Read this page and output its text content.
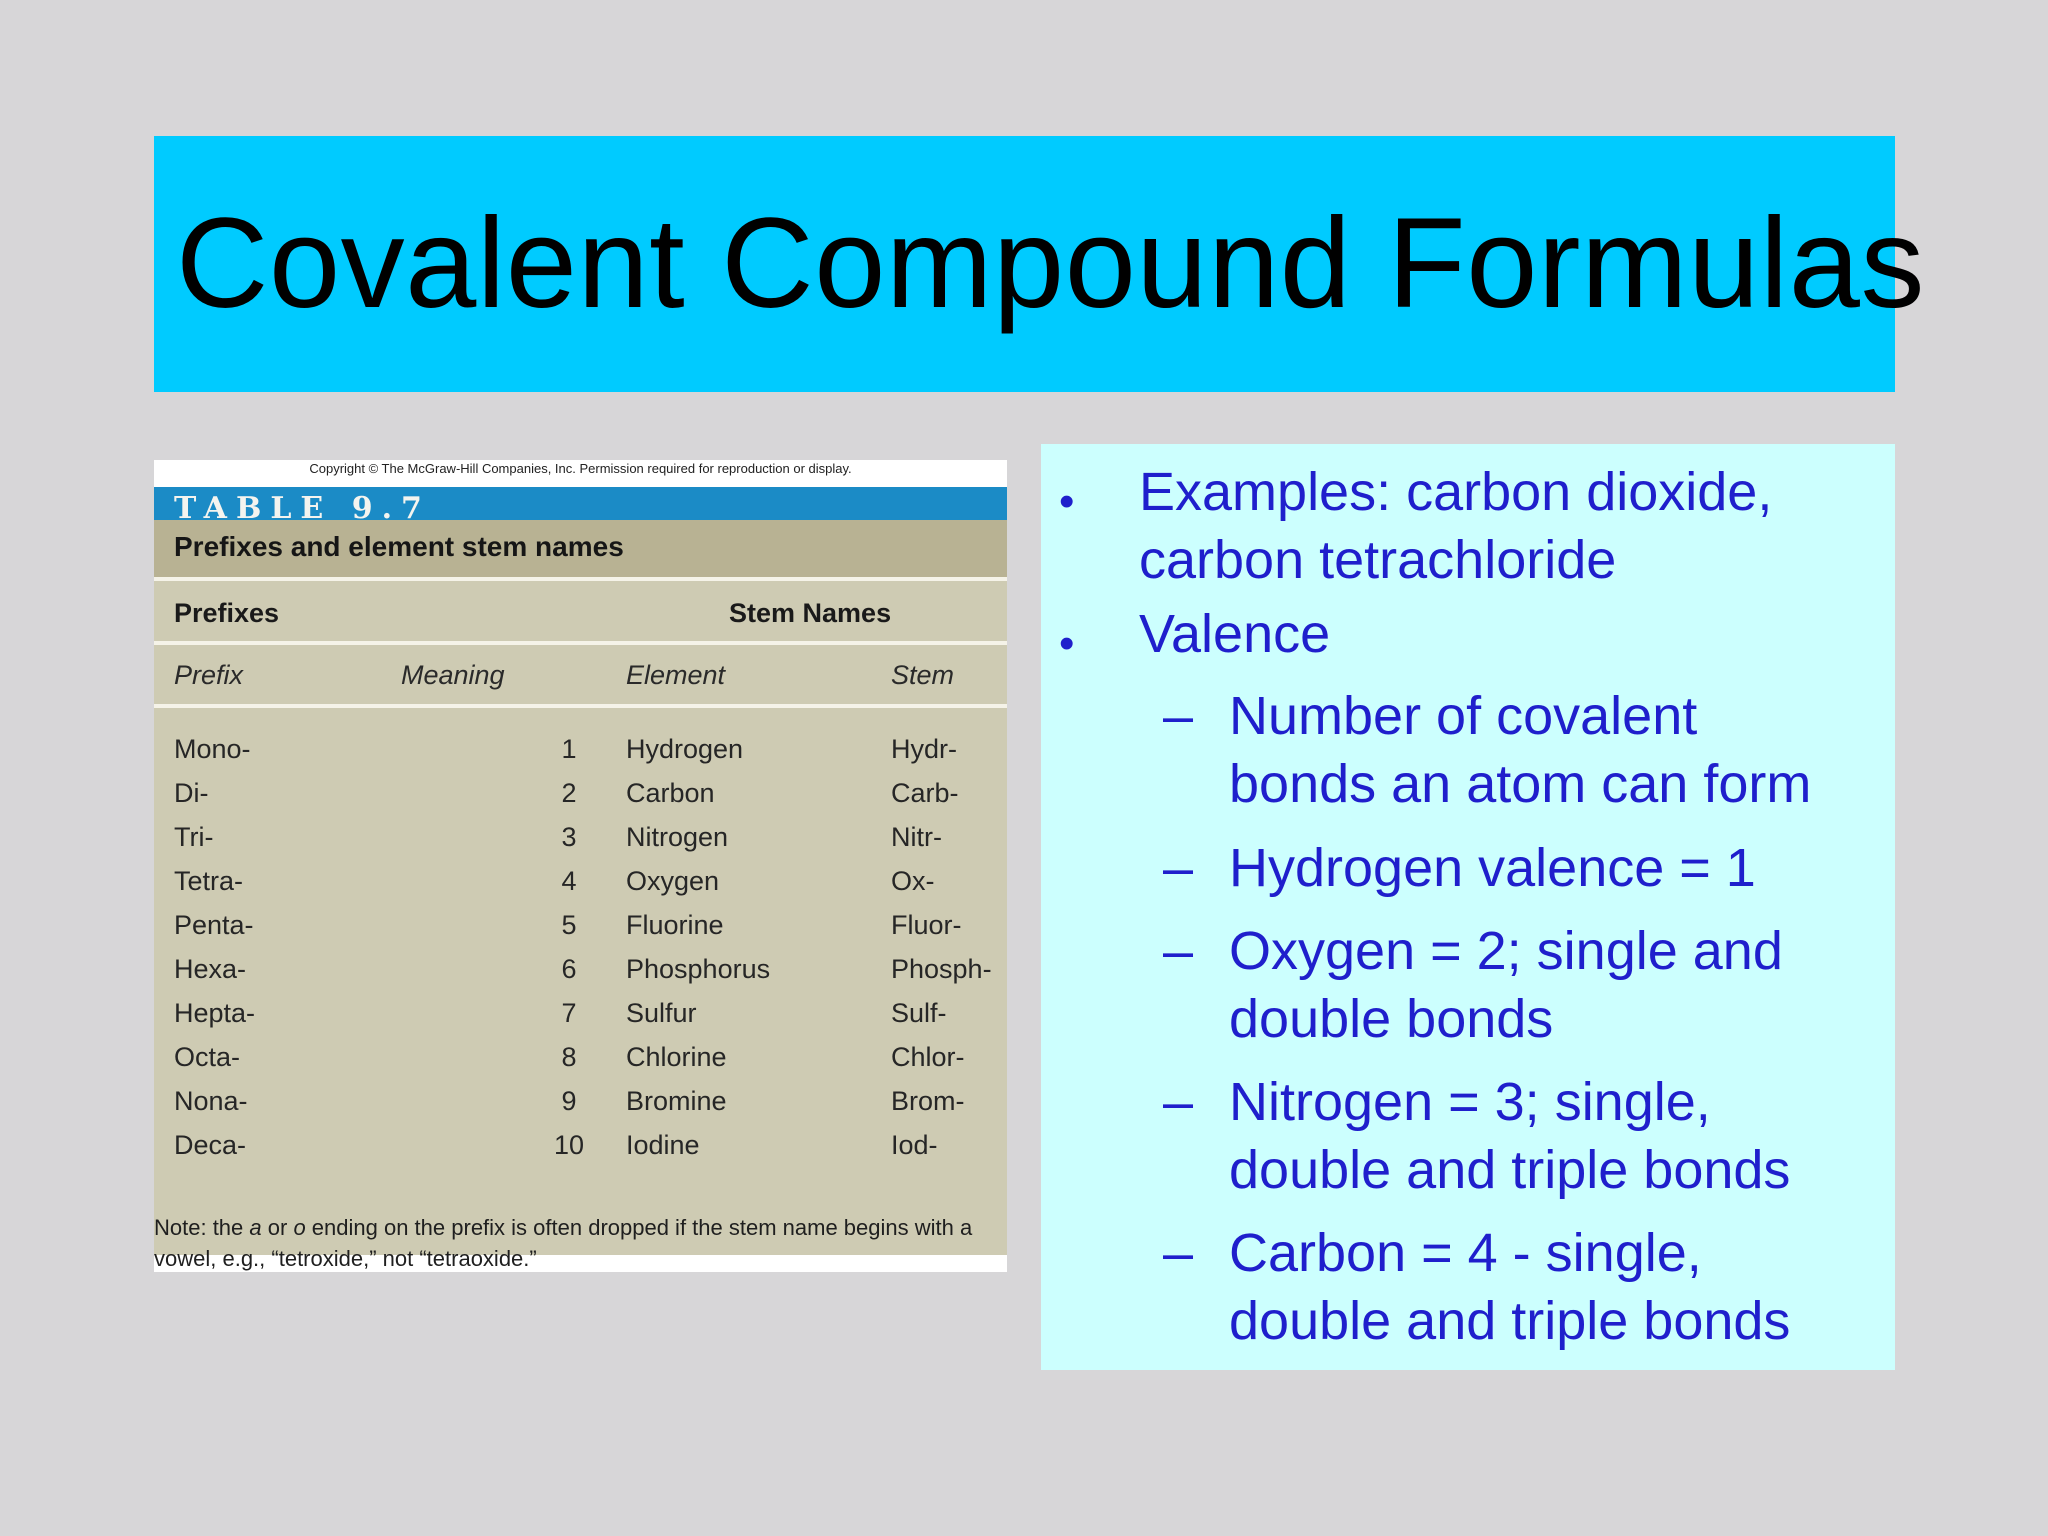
Covalent Compound Formulas
Copyright © The McGraw-Hill Companies, Inc. Permission required for reproduction or display.
TABLE 9.7
Prefixes and element stem names
Prefixes	Stem Names
Prefix	Meaning	Element	Stem
Mono-	1	Hydrogen	Hydr-
Di-	2	Carbon	Carb-
Tri-	3	Nitrogen	Nitr-
Tetra-	4	Oxygen	Ox-
Penta-	5	Fluorine	Fluor-
Hexa-	6	Phosphorus	Phosph-
Hepta-	7	Sulfur	Sulf-
Octa-	8	Chlorine	Chlor-
Nona-	9	Bromine	Brom-
Deca-	10	Iodine	Iod-
Note: the a or o ending on the prefix is often dropped if the stem name begins with a vowel, e.g., “tetroxide,” not “tetraoxide.”
• Examples: carbon dioxide,
carbon tetrachloride
• Valence
– Number of covalent
bonds an atom can form
– Hydrogen valence = 1
– Oxygen = 2; single and
double bonds
– Nitrogen = 3; single,
double and triple bonds
– Carbon = 4 - single,
double and triple bonds
